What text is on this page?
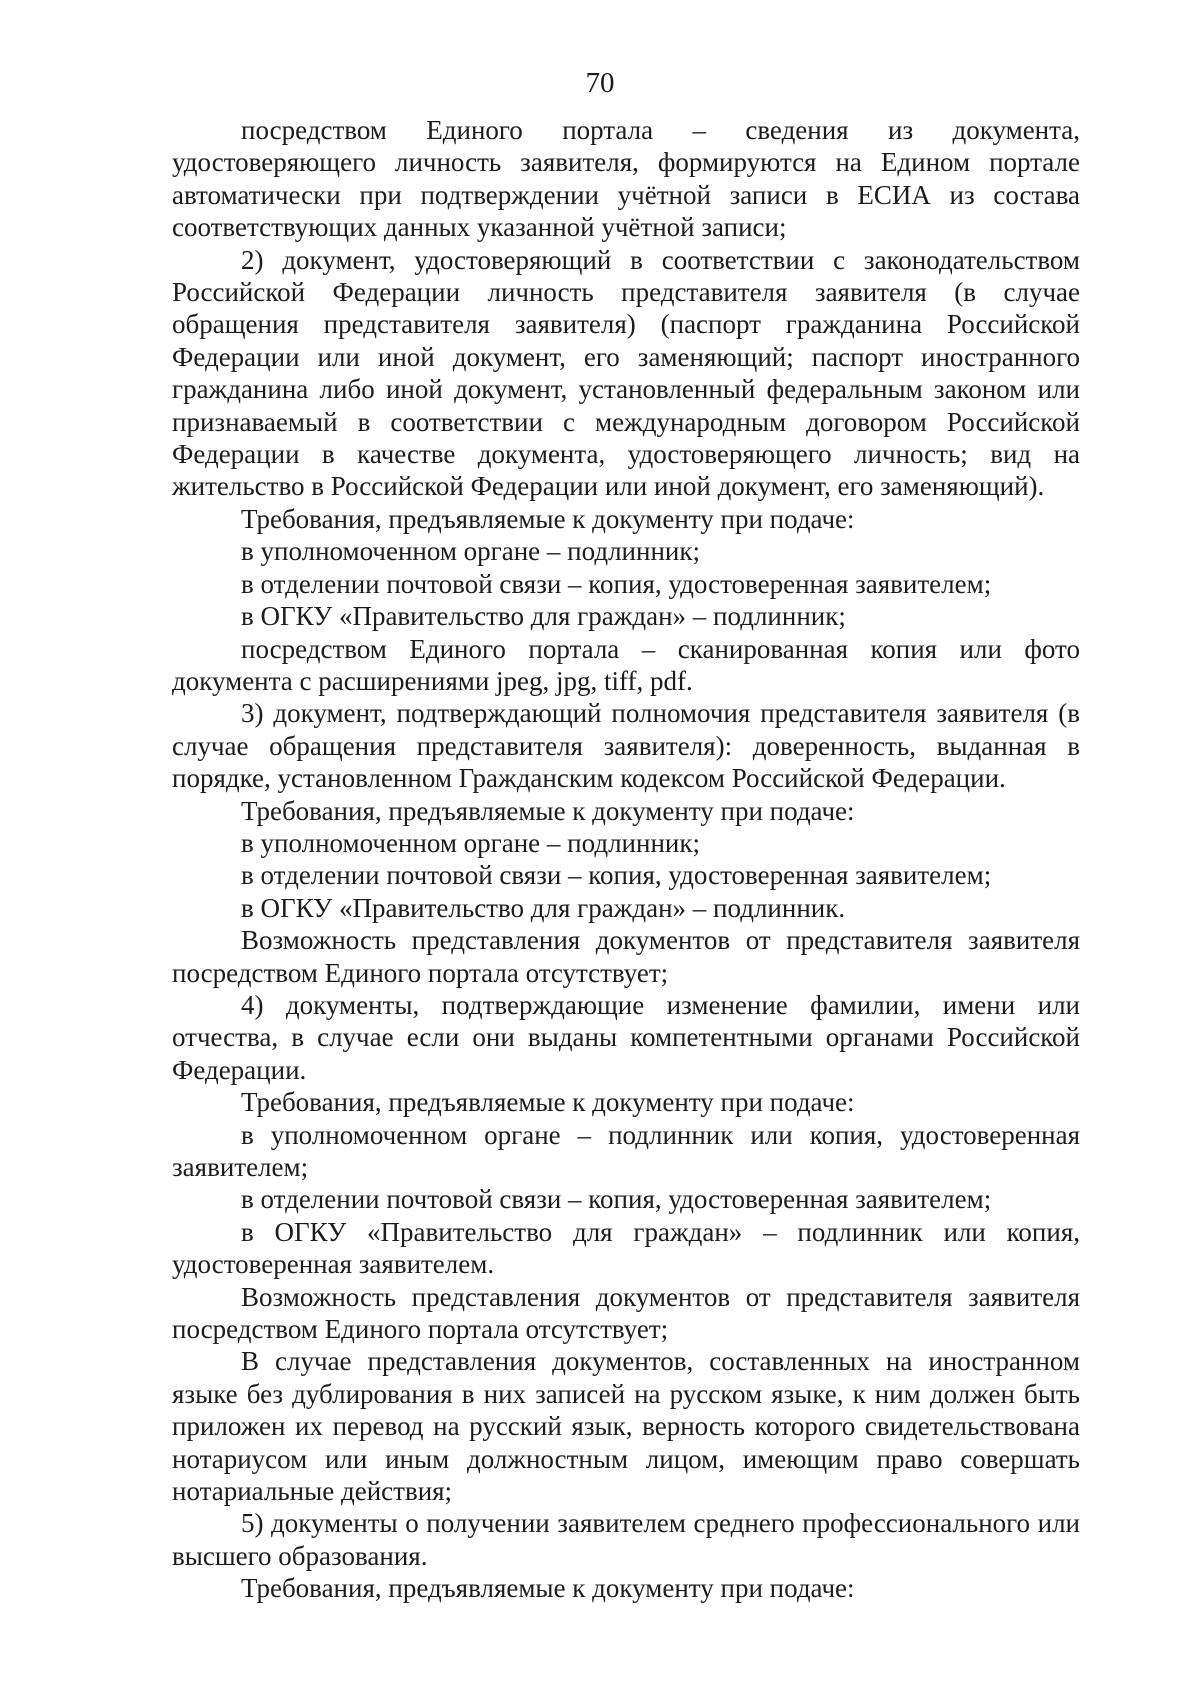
70

посредством Единого портала – сведения из документа, удостоверяющего личность заявителя, формируются на Едином портале автоматически при подтверждении учётной записи в ЕСИА из состава соответствующих данных указанной учётной записи;

2) документ, удостоверяющий в соответствии с законодательством Российской Федерации личность представителя заявителя (в случае обращения представителя заявителя) (паспорт гражданина Российской Федерации или иной документ, его заменяющий; паспорт иностранного гражданина либо иной документ, установленный федеральным законом или признаваемый в соответствии с международным договором Российской Федерации в качестве документа, удостоверяющего личность; вид на жительство в Российской Федерации или иной документ, его заменяющий).

Требования, предъявляемые к документу при подаче:

в уполномоченном органе – подлинник;

в отделении почтовой связи – копия, удостоверенная заявителем;

в ОГКУ «Правительство для граждан» – подлинник;

посредством Единого портала – сканированная копия или фото документа с расширениями jpeg, jpg, tiff, pdf.

3) документ, подтверждающий полномочия представителя заявителя (в случае обращения представителя заявителя): доверенность, выданная в порядке, установленном Гражданским кодексом Российской Федерации.

Требования, предъявляемые к документу при подаче:

в уполномоченном органе – подлинник;

в отделении почтовой связи – копия, удостоверенная заявителем;

в ОГКУ «Правительство для граждан» – подлинник.

Возможность представления документов от представителя заявителя посредством Единого портала отсутствует;

4) документы, подтверждающие изменение фамилии, имени или отчества, в случае если они выданы компетентными органами Российской Федерации.

Требования, предъявляемые к документу при подаче:

в уполномоченном органе – подлинник или копия, удостоверенная заявителем;

в отделении почтовой связи – копия, удостоверенная заявителем;

в ОГКУ «Правительство для граждан» – подлинник или копия, удостоверенная заявителем.

Возможность представления документов от представителя заявителя посредством Единого портала отсутствует;

В случае представления документов, составленных на иностранном языке без дублирования в них записей на русском языке, к ним должен быть приложен их перевод на русский язык, верность которого свидетельствована нотариусом или иным должностным лицом, имеющим право совершать нотариальные действия;

5) документы о получении заявителем среднего профессионального или высшего образования.

Требования, предъявляемые к документу при подаче:
